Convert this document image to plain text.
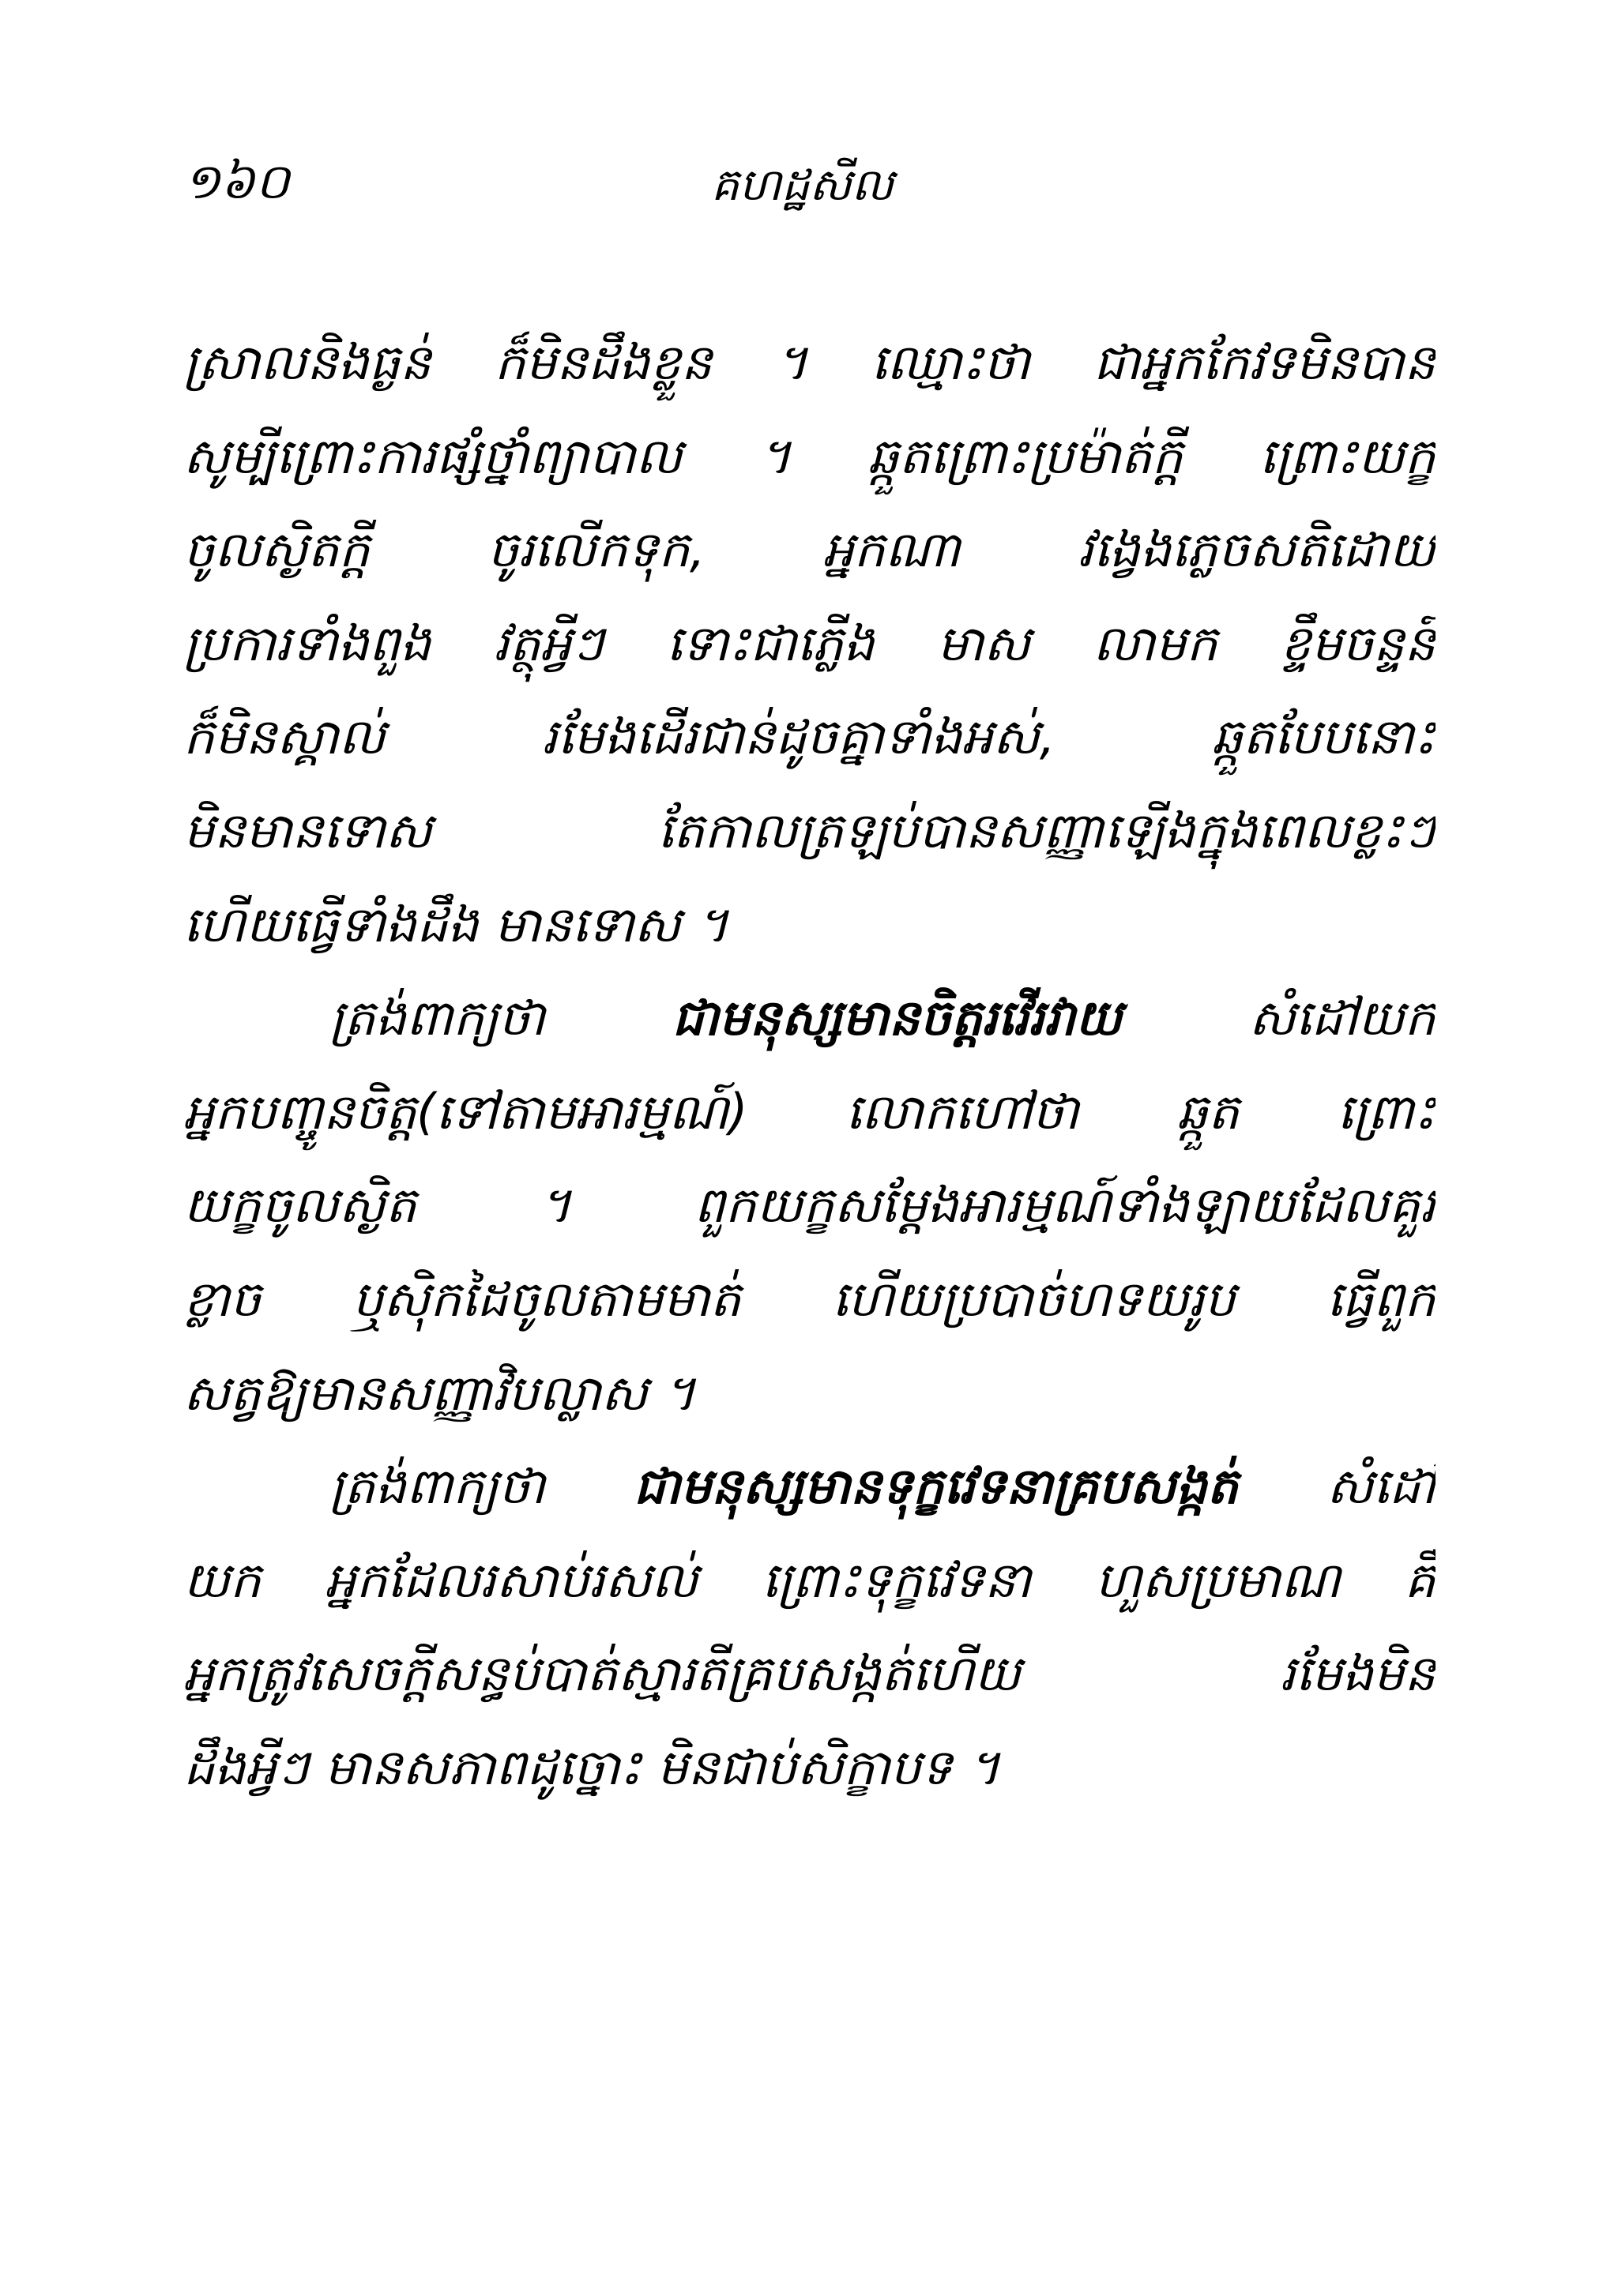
១៦០	គហដ្ឋសីល
ស្រាលនិងធ្ងន់ ក៏មិនដឹងខ្លួន ។ ឈ្មោះថា ជាអ្នកកែវទមិនបាន
សូម្បីព្រោះការផ្សំថ្នាំព្យាបាល ។ ឆ្កួតព្រោះប្រម៉ាត់ក្ដី ព្រោះយក្ខ
ចូលស្ងិតក្ដី ចូរលើកទុក, អ្នកណា វង្វេងភ្លេចសតិដោយ
ប្រការទាំងពួង វត្ថុអ្វីៗ ទោះជាភ្លើង មាស លាមក ខ្ទឹមចន្ទន៍
ក៏មិនស្គាល់ រមែងដើរជាន់ដូចគ្នាទាំងអស់, ឆ្កួតបែបនោះ
មិនមានទោស តែកាលត្រឡប់បានសញ្ញាឡើងក្នុងពេលខ្លះៗ
ហើយធ្វើទាំងដឹង មានទោស ។
ត្រង់ពាក្យថា	ជាមនុស្សមានចិត្តរវើរវាយ	សំដៅយក
អ្នកបញ្ចូនចិត្ត(ទៅតាមអារម្មណ៍) លោកហៅថា ឆ្កួត ព្រោះ
យក្ខចូលស្ងិត ។ ពួកយក្ខសម្ដែងអារម្មណ៍ទាំងឡាយដែលគួរ
ខ្លាច ឬស៊ិកដៃចូលតាមមាត់ ហើយប្របាច់ហទយរូប ធ្វើពួក
សត្វឱ្យមានសញ្ញាវិបល្លាស ។
ត្រង់ពាក្យថា ជាមនុស្សមានទុក្ខវេទនាគ្របសង្កត់ សំដៅ
យក អ្នកដែលរសាប់រសល់ ព្រោះទុក្ខវេទនា ហួសប្រមាណ គឺ
អ្នកត្រូវសេចក្ដីសន្ធប់បាត់ស្មារតីគ្របសង្កត់ហើយ រមែងមិន
ដឹងអ្វីៗ មានសភាពដូច្នោះ មិនជាប់សិក្ខាបទ ។
